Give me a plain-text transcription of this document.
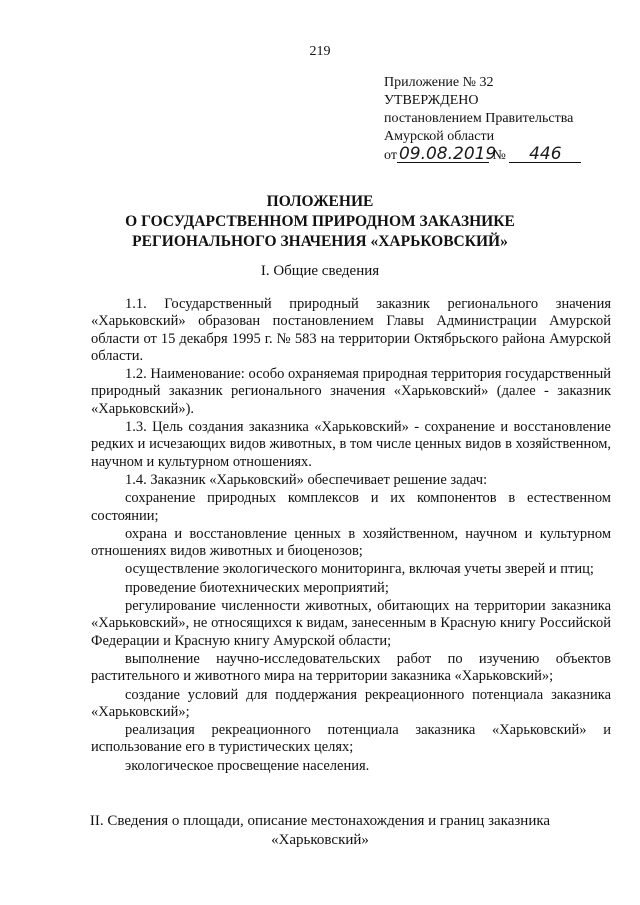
219
Приложение № 32
УТВЕРЖДЕНО
постановлением Правительства
Амурской области
от 09.08.2019 № 446
ПОЛОЖЕНИЕ
О ГОСУДАРСТВЕННОМ ПРИРОДНОМ ЗАКАЗНИКЕ
РЕГИОНАЛЬНОГО ЗНАЧЕНИЯ «ХАРЬКОВСКИЙ»
I. Общие сведения

1.1. Государственный природный заказник регионального значения «Харьковский» образован постановлением Главы Администрации Амурской области от 15 декабря 1995 г. № 583 на территории Октябрьского района Амурской области.

1.2. Наименование: особо охраняемая природная территория государственный природный заказник регионального значения «Харьковский» (далее - заказник «Харьковский»).

1.3. Цель создания заказника «Харьковский» - сохранение и восстановление редких и исчезающих видов животных, в том числе ценных видов в хозяйственном, научном и культурном отношениях.

1.4. Заказник «Харьковский» обеспечивает решение задач:

сохранение природных комплексов и их компонентов в естественном состоянии;

охрана и восстановление ценных в хозяйственном, научном и культурном отношениях видов животных и биоценозов;

осуществление экологического мониторинга, включая учеты зверей и птиц;

проведение биотехнических мероприятий;

регулирование численности животных, обитающих на территории заказника «Харьковский», не относящихся к видам, занесенным в Красную книгу Российской Федерации и Красную книгу Амурской области;

выполнение научно-исследовательских работ по изучению объектов растительного и животного мира на территории заказника «Харьковский»;

создание условий для поддержания рекреационного потенциала заказника «Харьковский»;

реализация рекреационного потенциала заказника «Харьковский» и использование его в туристических целях;

экологическое просвещение населения.

II. Сведения о площади, описание местонахождения и границ заказника
«Харьковский»
